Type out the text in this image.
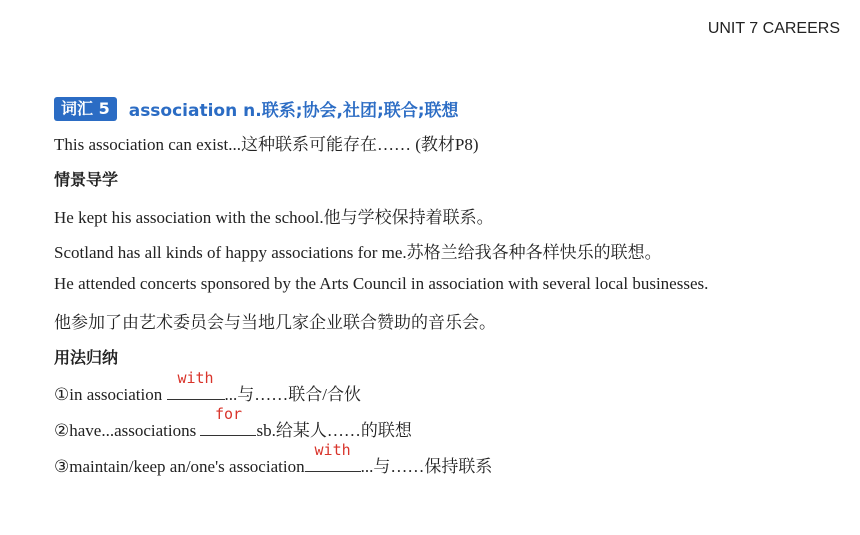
UNIT 7 CAREERS
词汇 5	association n.联系;协会,社团;联合;联想
This association can exist...这种联系可能存在…… (教材P8)
情景导学
He kept his association with the school.他与学校保持着联系。
Scotland has all kinds of happy associations for me.苏格兰给我各种各样快乐的联想。
He attended concerts sponsored by the Arts Council in association with several local businesses.
他参加了由艺术委员会与当地几家企业联合赞助的音乐会。
用法归纳
①in association
with
...与……联合/合伙
②have...associations
for
sb.给某人……的联想
③maintain/keep an/one's association
with
...与……保持联系
